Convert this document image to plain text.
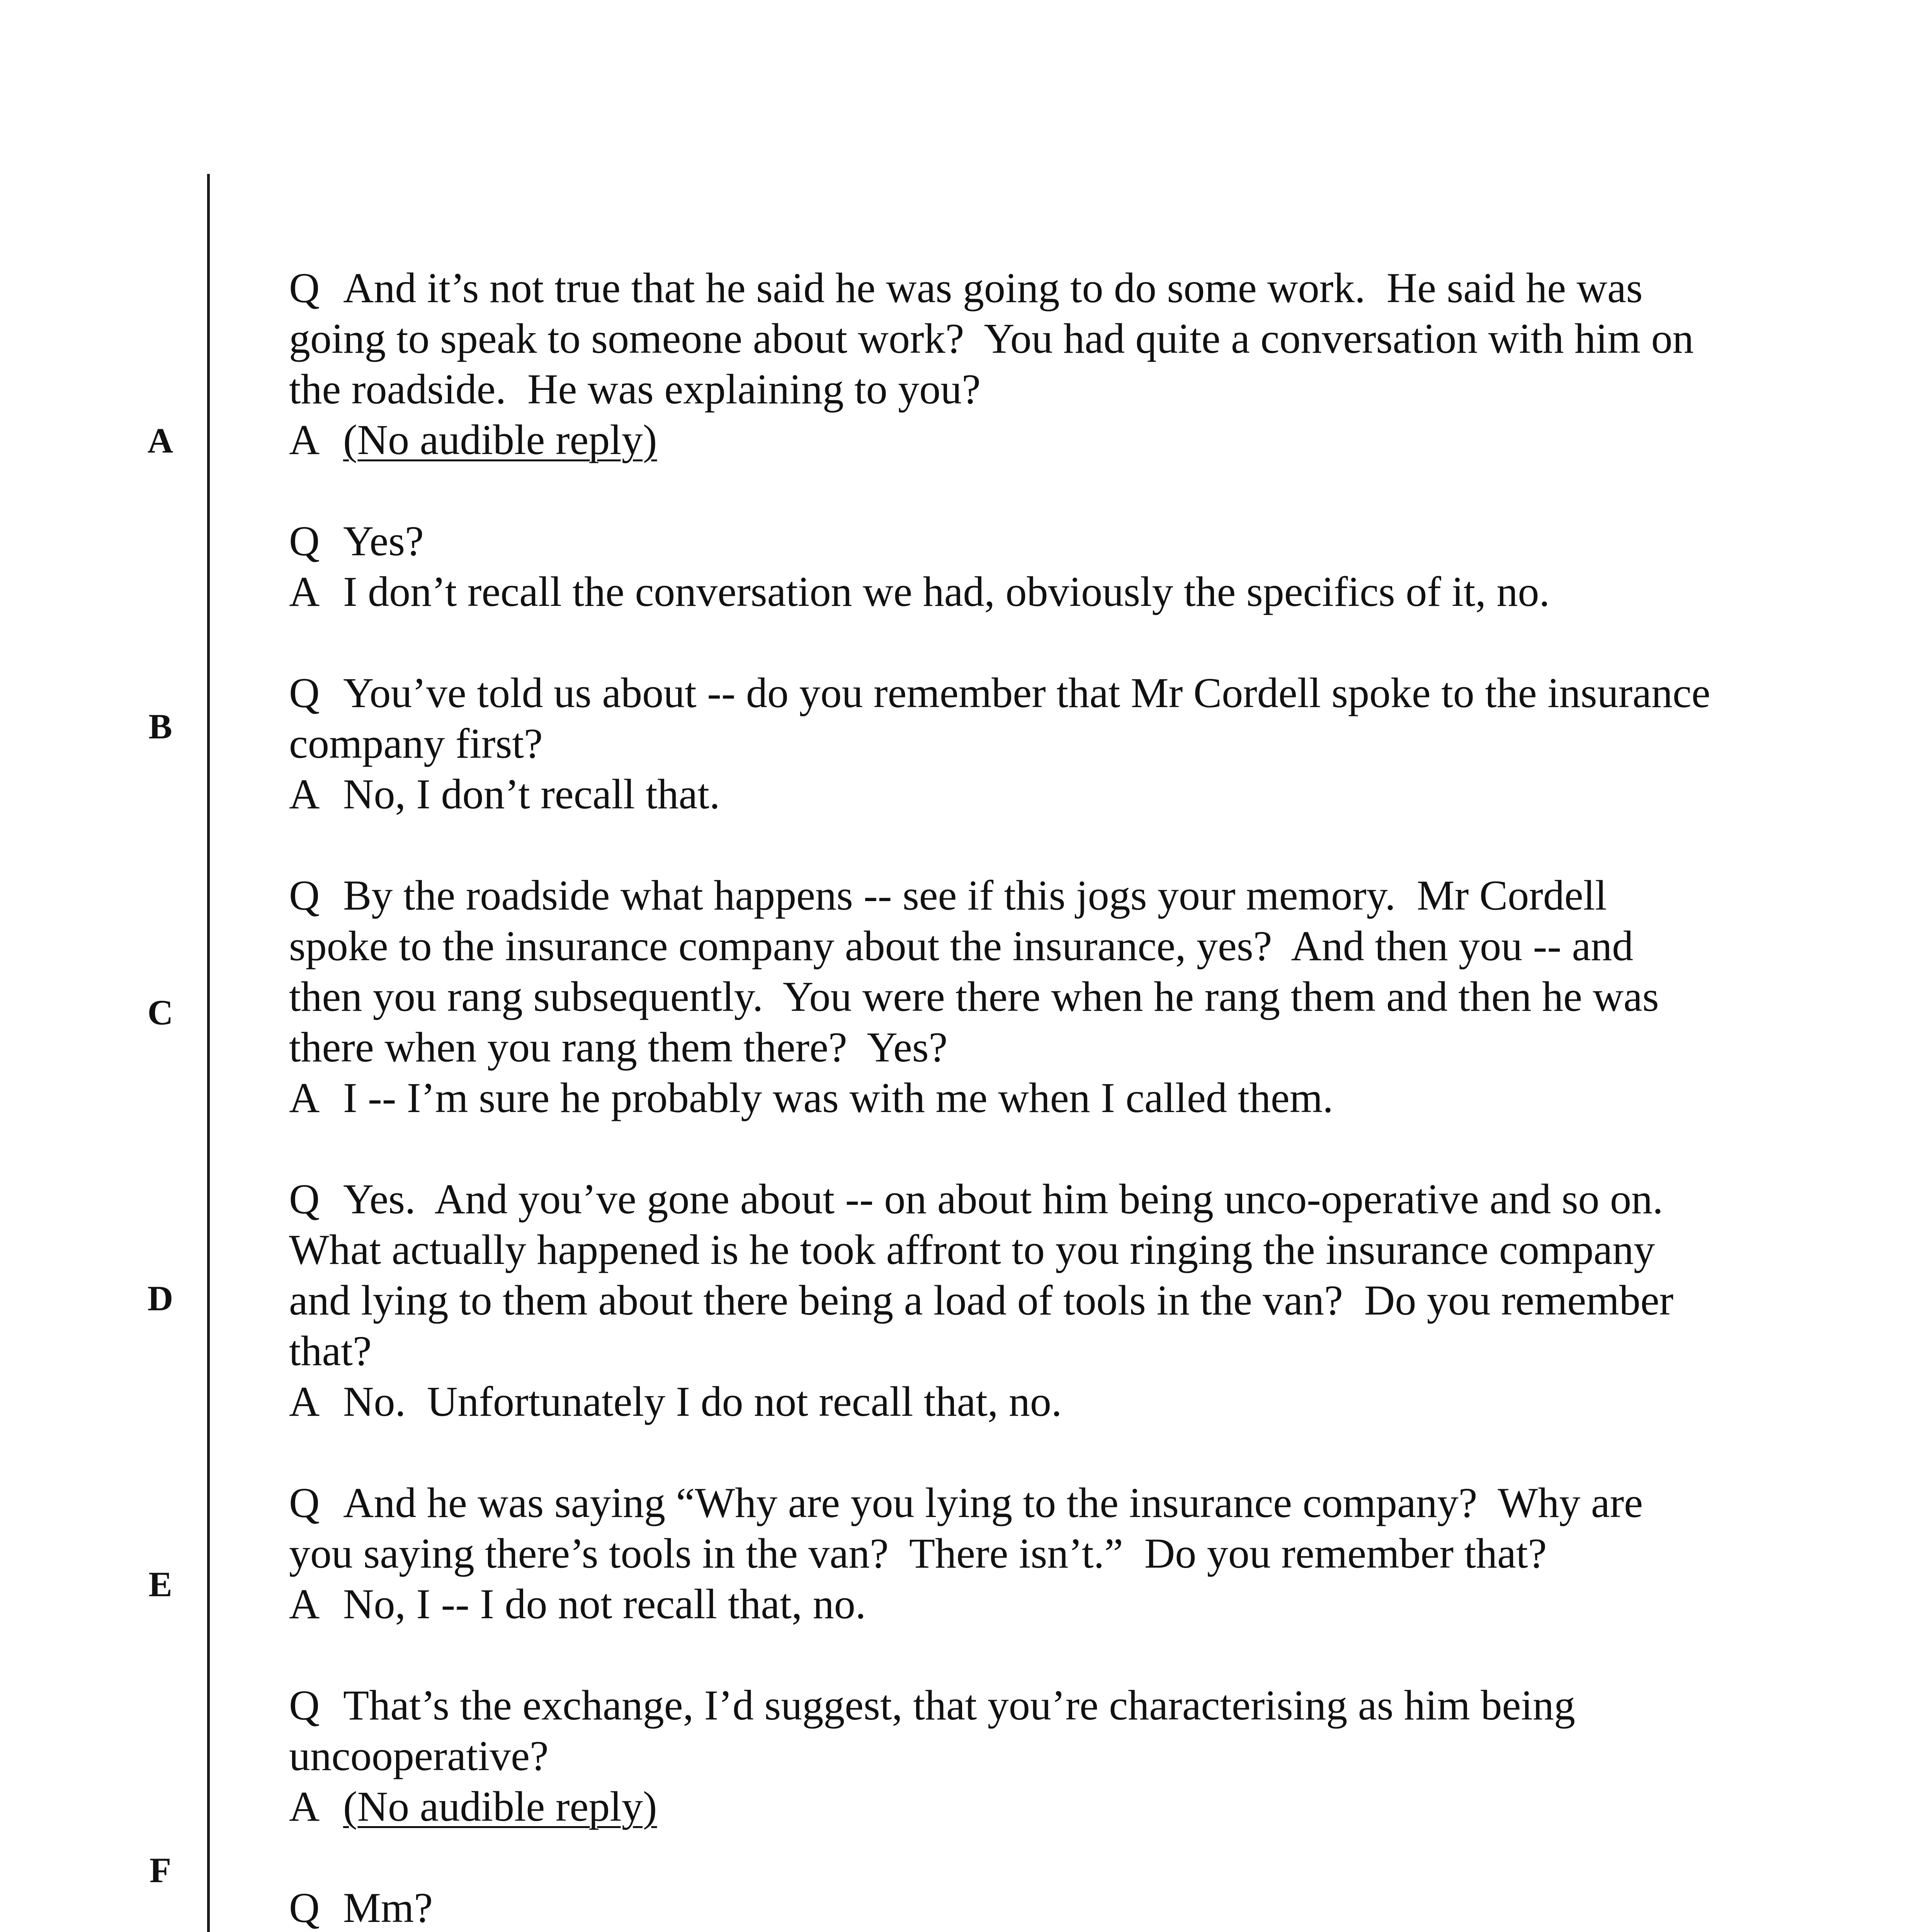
A
B
C
D
E
F
Q And it’s not true that he said he was going to do some work.  He said he was
going to speak to someone about work?  You had quite a conversation with him on
the roadside.  He was explaining to you?
A (No audible reply)
Q Yes?
A I don’t recall the conversation we had, obviously the specifics of it, no.
Q You’ve told us about -- do you remember that Mr Cordell spoke to the insurance
company first?
A No, I don’t recall that.
Q By the roadside what happens -- see if this jogs your memory.  Mr Cordell
spoke to the insurance company about the insurance, yes?  And then you -- and
then you rang subsequently.  You were there when he rang them and then he was
there when you rang them there?  Yes?
A I -- I’m sure he probably was with me when I called them.
Q Yes.  And you’ve gone about -- on about him being unco-operative and so on.
What actually happened is he took affront to you ringing the insurance company
and lying to them about there being a load of tools in the van?  Do you remember
that?
A No.  Unfortunately I do not recall that, no.
Q And he was saying “Why are you lying to the insurance company?  Why are
you saying there’s tools in the van?  There isn’t.”  Do you remember that?
A No, I -- I do not recall that, no.
Q That’s the exchange, I’d suggest, that you’re characterising as him being
uncooperative?
A (No audible reply)
Q Mm?
